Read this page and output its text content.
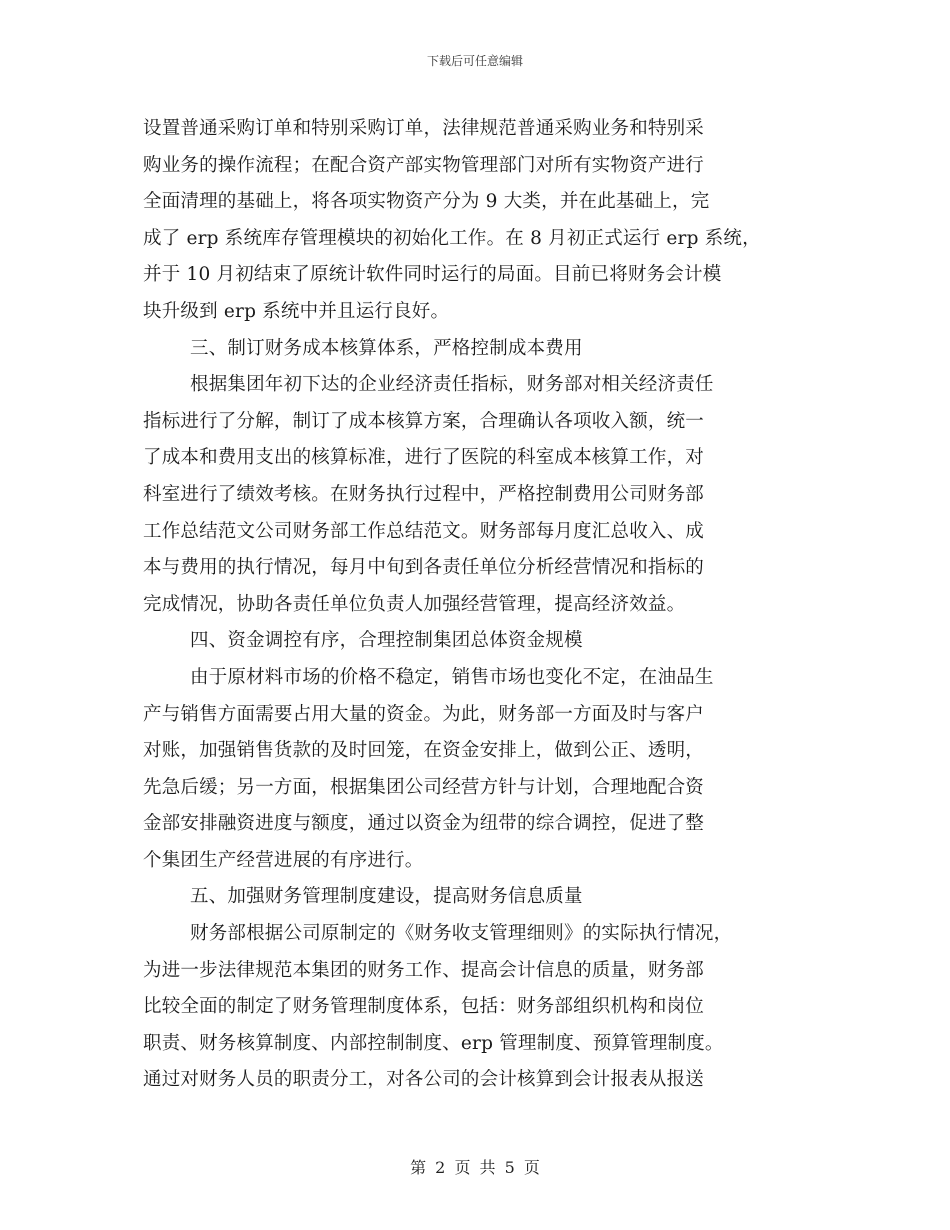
下载后可任意编辑
设置普通采购订单和特别采购订单，法律规范普通采购业务和特别采
购业务的操作流程；在配合资产部实物管理部门对所有实物资产进行
全面清理的基础上，将各项实物资产分为 9 大类，并在此基础上，完
成了 erp 系统库存管理模块的初始化工作。在 8 月初正式运行 erp 系统，
并于 10 月初结束了原统计软件同时运行的局面。目前已将财务会计模
块升级到 erp 系统中并且运行良好。
三、制订财务成本核算体系，严格控制成本费用
根据集团年初下达的企业经济责任指标，财务部对相关经济责任
指标进行了分解，制订了成本核算方案，合理确认各项收入额，统一
了成本和费用支出的核算标准，进行了医院的科室成本核算工作，对
科室进行了绩效考核。在财务执行过程中，严格控制费用公司财务部
工作总结范文公司财务部工作总结范文。财务部每月度汇总收入、成
本与费用的执行情况，每月中旬到各责任单位分析经营情况和指标的
完成情况，协助各责任单位负责人加强经营管理，提高经济效益。
四、资金调控有序，合理控制集团总体资金规模
由于原材料市场的价格不稳定，销售市场也变化不定，在油品生
产与销售方面需要占用大量的资金。为此，财务部一方面及时与客户
对账，加强销售货款的及时回笼，在资金安排上，做到公正、透明，
先急后缓；另一方面，根据集团公司经营方针与计划，合理地配合资
金部安排融资进度与额度，通过以资金为纽带的综合调控，促进了整
个集团生产经营进展的有序进行。
五、加强财务管理制度建设，提高财务信息质量
财务部根据公司原制定的《财务收支管理细则》的实际执行情况，
为进一步法律规范本集团的财务工作、提高会计信息的质量，财务部
比较全面的制定了财务管理制度体系，包括：财务部组织机构和岗位
职责、财务核算制度、内部控制制度、erp 管理制度、预算管理制度。
通过对财务人员的职责分工，对各公司的会计核算到会计报表从报送
第 2 页 共 5 页
